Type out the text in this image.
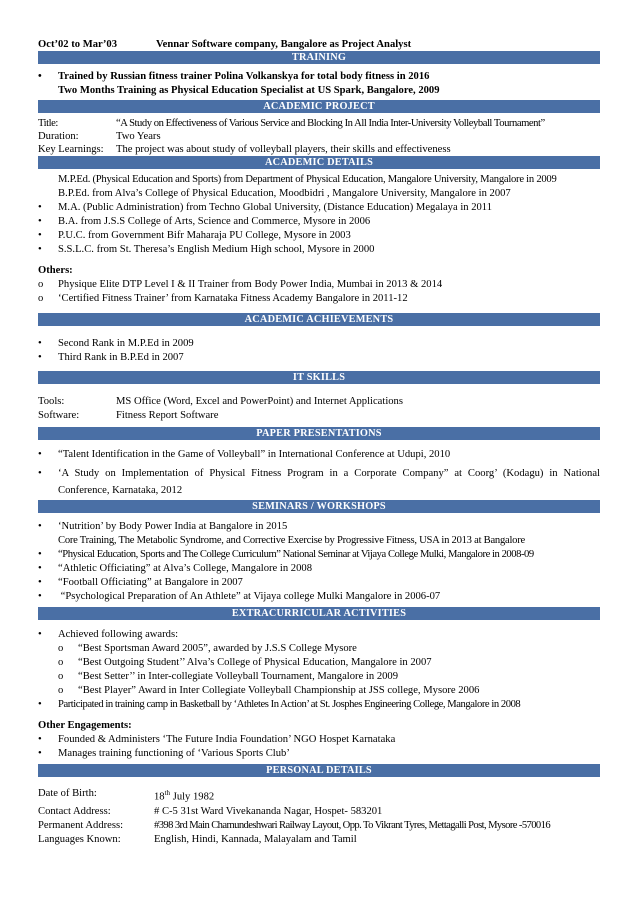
Oct’02 to Mar’03	Vennar Software company, Bangalore as Project Analyst
TRAINING
•	Trained by Russian fitness trainer Polina Volkanskya for total body fitness in 2016
Two Months Training as Physical Education Specialist at US Spark, Bangalore, 2009
ACADEMIC PROJECT
Title:	“A Study on Effectiveness of Various Service and Blocking In All India Inter-University Volleyball Tournament”
Duration:	Two Years
Key Learnings:	The project was about study of volleyball players, their skills and effectiveness
ACADEMIC DETAILS
M.P.Ed. (Physical Education and Sports) from Department of Physical Education, Mangalore University, Mangalore in 2009
B.P.Ed. from Alva’s College of Physical Education, Moodbidri , Mangalore University, Mangalore in 2007
•	M.A. (Public Administration) from Techno Global University, (Distance Education) Megalaya in 2011
•	B.A. from J.S.S College of Arts, Science and Commerce, Mysore in 2006
•	P.U.C. from Government Bifr Maharaja PU College, Mysore in 2003
•	S.S.L.C. from St. Theresa’s English Medium High school, Mysore in 2000
Others:
o	Physique Elite DTP Level I & II Trainer from Body Power India, Mumbai in 2013 & 2014
o	‘Certified Fitness Trainer’ from Karnataka Fitness Academy Bangalore in 2011-12
ACADEMIC ACHIEVEMENTS
•	Second Rank in M.P.Ed in 2009
•	Third Rank in B.P.Ed in 2007
IT SKILLS
Tools:	MS Office (Word, Excel and PowerPoint) and Internet Applications
Software:	Fitness Report Software
PAPER PRESENTATIONS
•	“Talent Identification in the Game of Volleyball” in International Conference at Udupi, 2010
•	‘A Study on Implementation of Physical Fitness Program in a Corporate Company” at Coorg’ (Kodagu) in National
Conference, Karnataka, 2012
SEMINARS / WORKSHOPS
•	‘Nutrition’ by Body Power India at Bangalore in 2015
Core Training, The Metabolic Syndrome, and Corrective Exercise by Progressive Fitness, USA in 2013 at Bangalore
•	“Physical Education, Sports and The College Curriculum” National Seminar at Vijaya College Mulki, Mangalore in 2008-09
•	“Athletic Officiating” at Alva’s College, Mangalore in 2008
•	“Football Officiating” at Bangalore in 2007
•	“Psychological Preparation of An Athlete” at Vijaya college Mulki Mangalore in 2006-07
EXTRACURRICULAR ACTIVITIES
•	Achieved following awards:
o	“Best Sportsman Award 2005”, awarded by J.S.S College Mysore
o	“Best Outgoing Student’’ Alva’s College of Physical Education, Mangalore in 2007
o	“Best Setter’’ in Inter-collegiate Volleyball Tournament, Mangalore in 2009
o	“Best Player” Award in Inter Collegiate Volleyball Championship at JSS college, Mysore 2006
•	Participated in training camp in Basketball by ‘Athletes In Action’ at St. Josphes Engineering College, Mangalore in 2008
Other Engagements:
•	Founded & Administers ‘The Future India Foundation’ NGO Hospet Karnataka
•	Manages training functioning of ‘Various Sports Club’
PERSONAL DETAILS
Date of Birth:	18th July 1982
Contact Address:	# C-5 31st Ward Vivekananda Nagar, Hospet- 583201
Permanent Address:	#398 3rd Main Chamundeshwari Railway Layout, Opp. To Vikrant Tyres, Mettagalli Post, Mysore -570016
Languages Known:	English, Hindi, Kannada, Malayalam and Tamil
